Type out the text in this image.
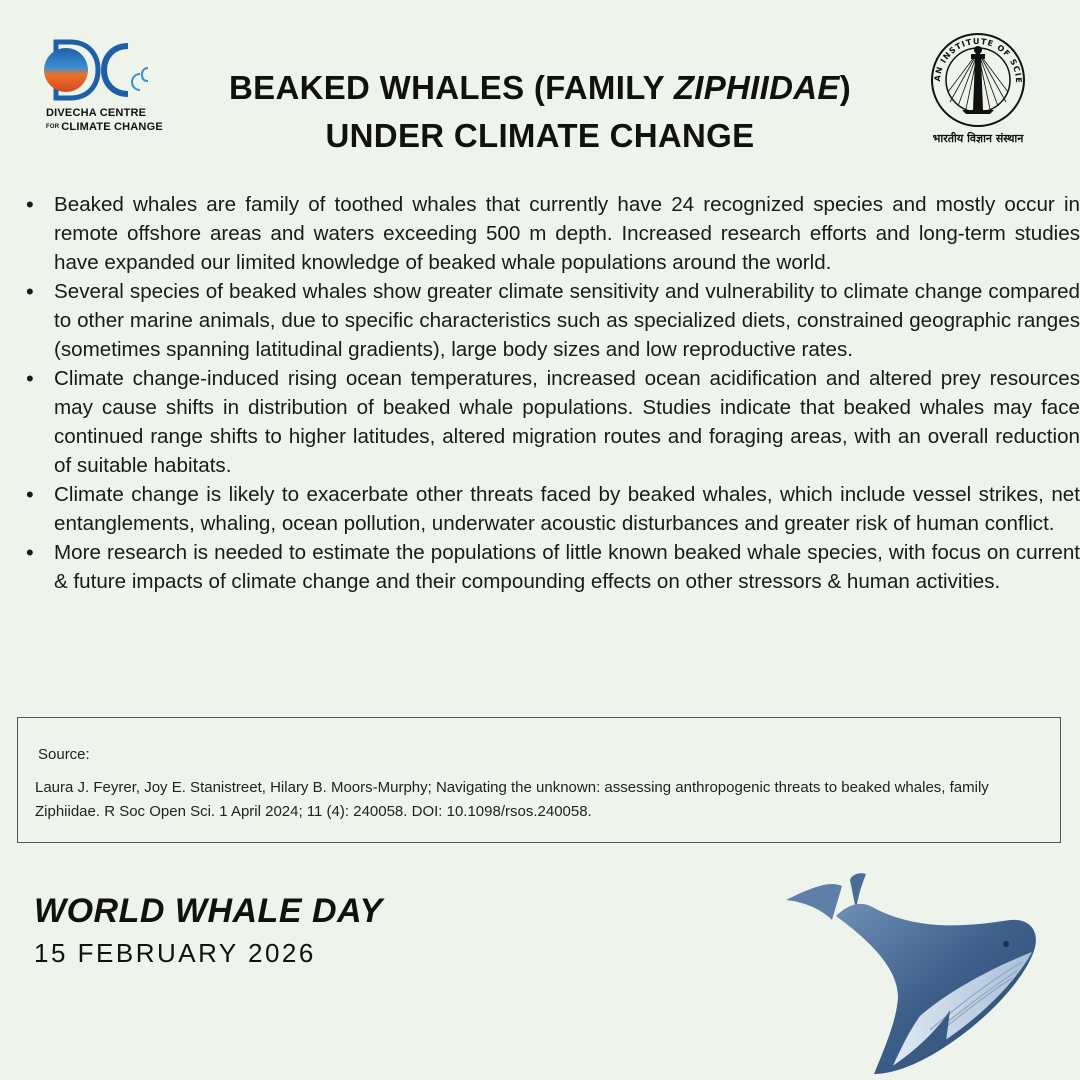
DIVECHA CENTRE
FOR CLIMATE CHANGE
BEAKED WHALES (FAMILY ZIPHIIDAE)
UNDER CLIMATE CHANGE
AN INSTITUTE OF SCIE
भारतीय विज्ञान संस्थान
• Beaked whales are family of toothed whales that currently have 24 recognized species and mostly occur in remote offshore areas and waters exceeding 500 m depth. Increased research efforts and long-term studies have expanded our limited knowledge of beaked whale populations around the world.
• Several species of beaked whales show greater climate sensitivity and vulnerability to climate change compared to other marine animals, due to specific characteristics such as specialized diets, constrained geographic ranges (sometimes spanning latitudinal gradients), large body sizes and low reproductive rates.
• Climate change-induced rising ocean temperatures, increased ocean acidification and altered prey resources may cause shifts in distribution of beaked whale populations. Studies indicate that beaked whales may face continued range shifts to higher latitudes, altered migration routes and foraging areas, with an overall reduction of suitable habitats.
• Climate change is likely to exacerbate other threats faced by beaked whales, which include vessel strikes, net entanglements, whaling, ocean pollution, underwater acoustic disturbances and greater risk of human conflict.
• More research is needed to estimate the populations of little known beaked whale species, with focus on current & future impacts of climate change and their compounding effects on other stressors & human activities.
Source:
Laura J. Feyrer, Joy E. Stanistreet, Hilary B. Moors-Murphy; Navigating the unknown: assessing anthropogenic threats to beaked whales, family Ziphiidae. R Soc Open Sci. 1 April 2024; 11 (4): 240058. DOI: 10.1098/rsos.240058.
WORLD WHALE DAY
15 FEBRUARY 2026
